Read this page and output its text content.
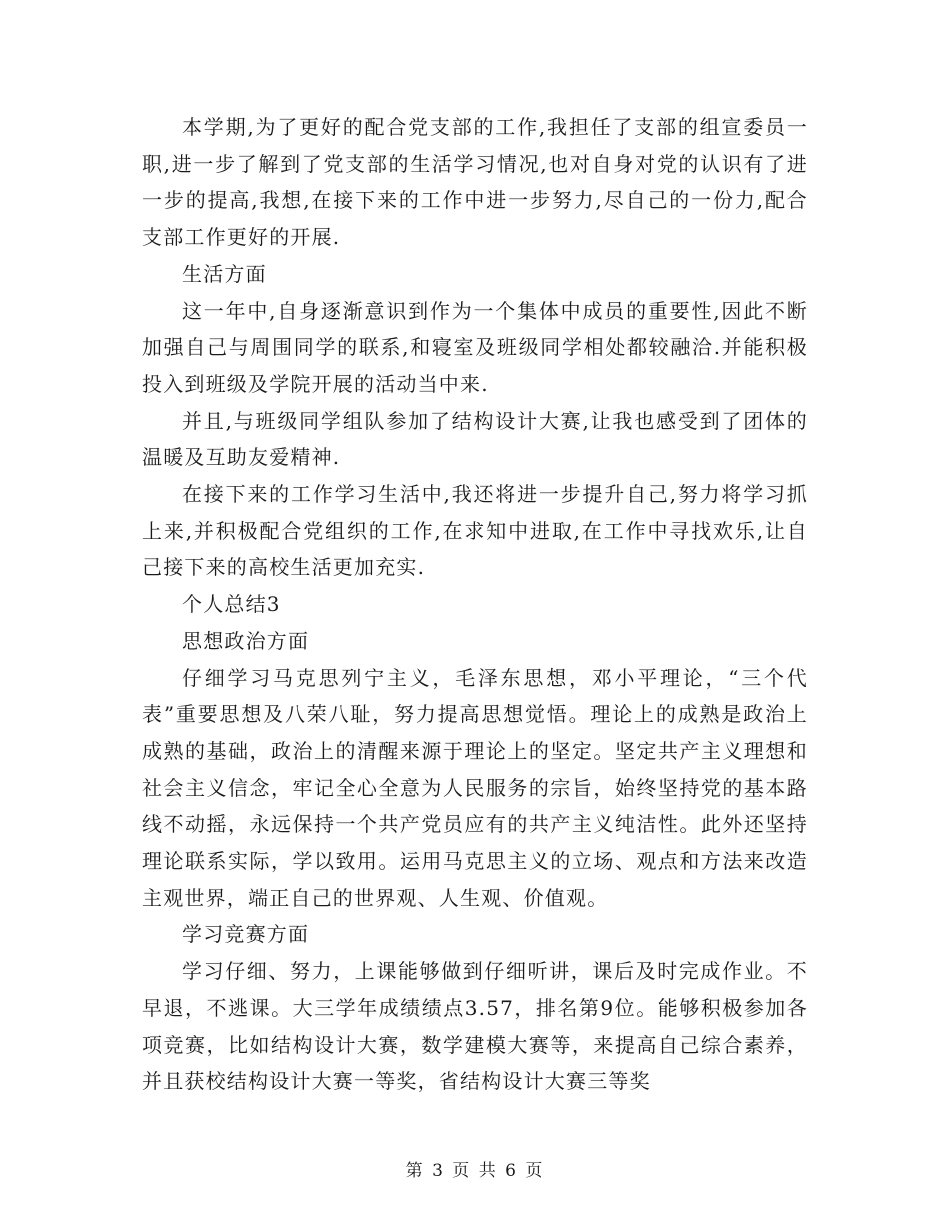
本学期,为了更好的配合党支部的工作,我担任了支部的组宣委员一职,进一步了解到了党支部的生活学习情况,也对自身对党的认识有了进一步的提高,我想,在接下来的工作中进一步努力,尽自己的一份力,配合支部工作更好的开展.

生活方面

这一年中,自身逐渐意识到作为一个集体中成员的重要性,因此不断加强自己与周围同学的联系,和寝室及班级同学相处都较融洽.并能积极投入到班级及学院开展的活动当中来.

并且,与班级同学组队参加了结构设计大赛,让我也感受到了团体的温暖及互助友爱精神.

在接下来的工作学习生活中,我还将进一步提升自己,努力将学习抓上来,并积极配合党组织的工作,在求知中进取,在工作中寻找欢乐,让自己接下来的高校生活更加充实.

个人总结3

思想政治方面

仔细学习马克思列宁主义，毛泽东思想，邓小平理论，“三个代表”重要思想及八荣八耻，努力提高思想觉悟。理论上的成熟是政治上成熟的基础，政治上的清醒来源于理论上的坚定。坚定共产主义理想和社会主义信念，牢记全心全意为人民服务的宗旨，始终坚持党的基本路线不动摇，永远保持一个共产党员应有的共产主义纯洁性。此外还坚持理论联系实际，学以致用。运用马克思主义的立场、观点和方法来改造主观世界，端正自己的世界观、人生观、价值观。

学习竞赛方面

学习仔细、努力，上课能够做到仔细听讲，课后及时完成作业。不早退，不逃课。大三学年成绩绩点3.57，排名第9位。能够积极参加各项竞赛，比如结构设计大赛，数学建模大赛等，来提高自己综合素养，并且获校结构设计大赛一等奖，省结构设计大赛三等奖

第 3 页 共 6 页
